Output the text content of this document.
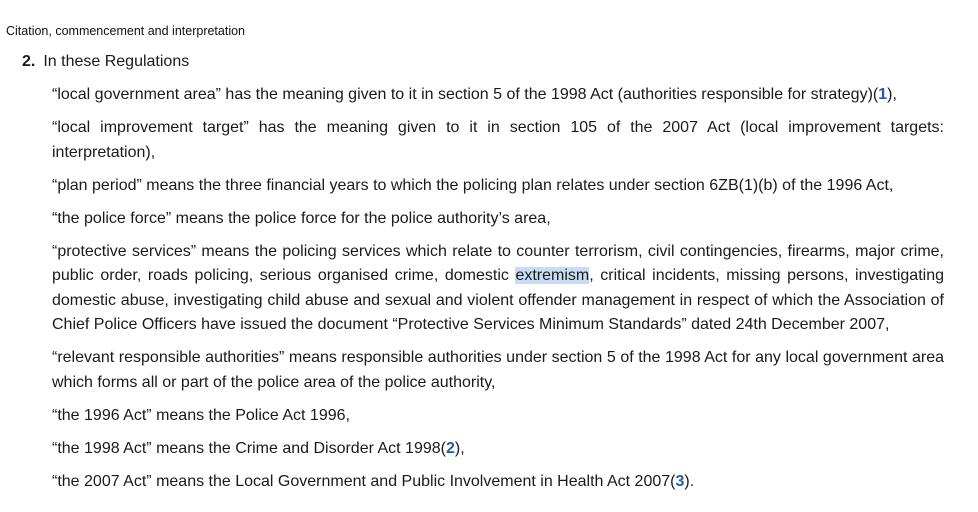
Citation, commencement and interpretation
2. In these Regulations

“local government area” has the meaning given to it in section 5 of the 1998 Act (authorities responsible for strategy)(1),

“local improvement target” has the meaning given to it in section 105 of the 2007 Act (local improvement targets: interpretation),

“plan period” means the three financial years to which the policing plan relates under section 6ZB(1)(b) of the 1996 Act,

“the police force” means the police force for the police authority’s area,

“protective services” means the policing services which relate to counter terrorism, civil contingencies, firearms, major crime, public order, roads policing, serious organised crime, domestic extremism, critical incidents, missing persons, investigating domestic abuse, investigating child abuse and sexual and violent offender management in respect of which the Association of Chief Police Officers have issued the document “Protective Services Minimum Standards” dated 24th December 2007,

“relevant responsible authorities” means responsible authorities under section 5 of the 1998 Act for any local government area which forms all or part of the police area of the police authority,

“the 1996 Act” means the Police Act 1996,

“the 1998 Act” means the Crime and Disorder Act 1998(2),

“the 2007 Act” means the Local Government and Public Involvement in Health Act 2007(3).
